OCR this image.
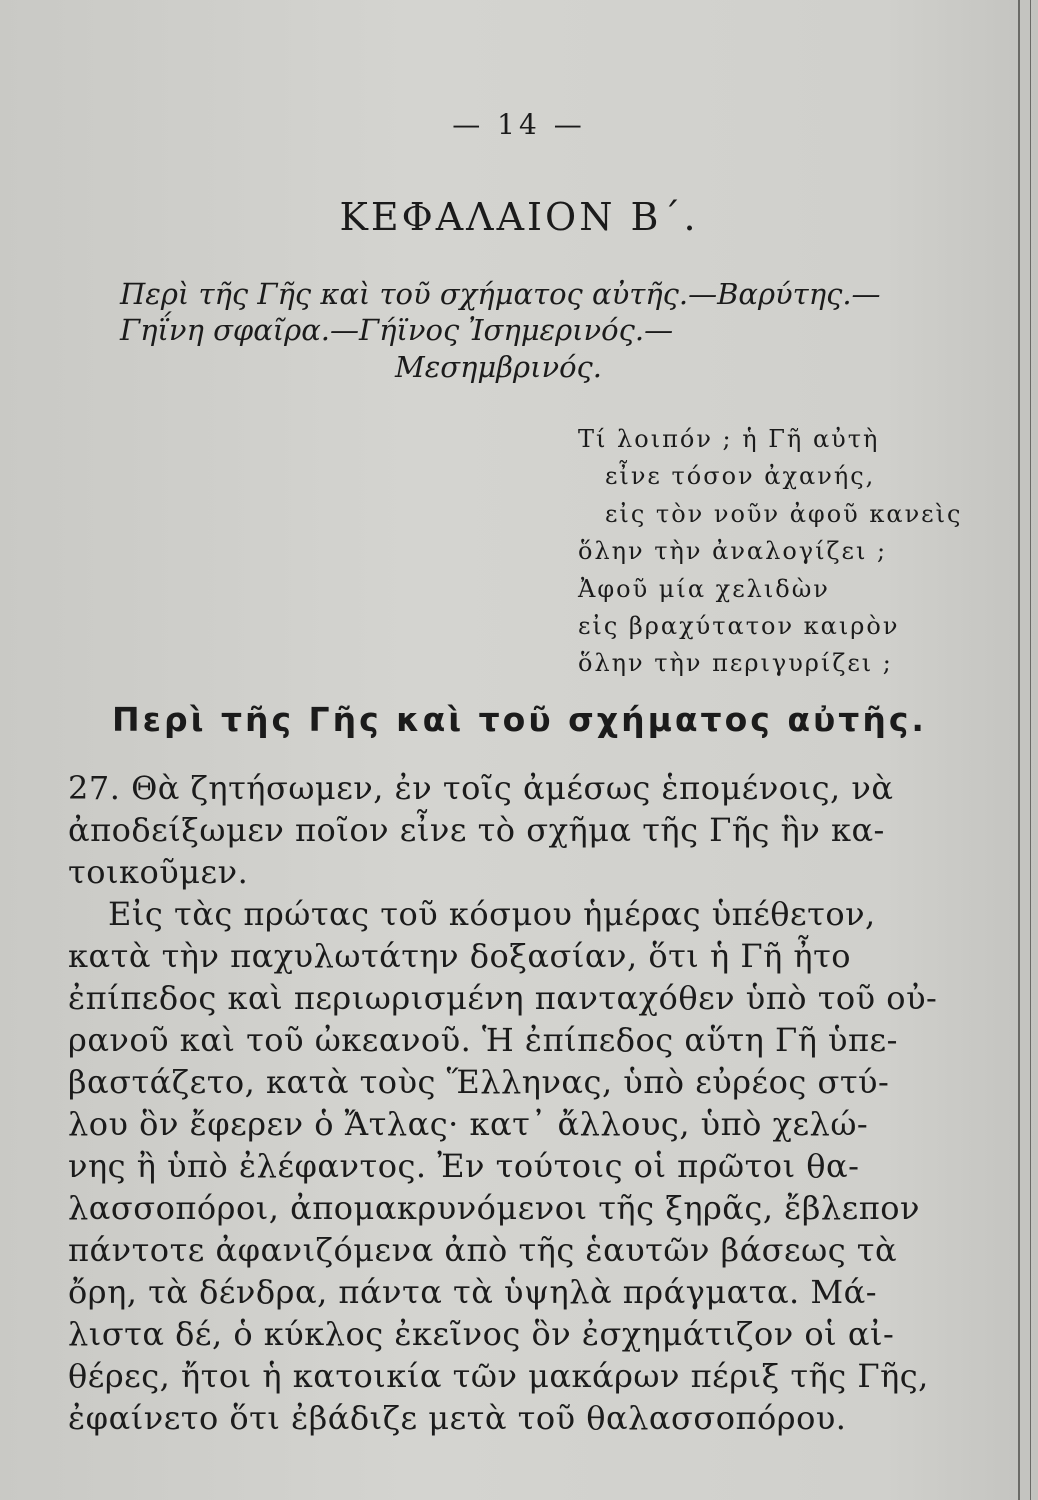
— 14 —
ΚΕΦΑΛΑΙΟΝ Β΄.
Περὶ τῆς Γῆς καὶ τοῦ σχήματος αὐτῆς.—Βαρύτης.—
Γηΐνη σφαῖρα.—Γήϊνος Ἰσημερινός.—
Μεσημβρινός.
Τί λοιπόν ; ἡ Γῆ αὐτὴ
εἶνε τόσον ἀχανής,
εἰς τὸν νοῦν ἀφοῦ κανεὶς
ὅλην τὴν ἀναλογίζει ;
Ἀφοῦ μία χελιδὼν
εἰς βραχύτατον καιρὸν
ὅλην τὴν περιγυρίζει ;
Περὶ τῆς Γῆς καὶ τοῦ σχήματος αὐτῆς.
27. Θὰ ζητήσωμεν, ἐν τοῖς ἀμέσως ἑπομένοις, νὰ
ἀποδείξωμεν ποῖον εἶνε τὸ σχῆμα τῆς Γῆς ἣν κα-
τοικοῦμεν.
Εἰς τὰς πρώτας τοῦ κόσμου ἡμέρας ὑπέθετον,
κατὰ τὴν παχυλωτάτην δοξασίαν, ὅτι ἡ Γῆ ἦτο
ἐπίπεδος καὶ περιωρισμένη πανταχόθεν ὑπὸ τοῦ οὐ-
ρανοῦ καὶ τοῦ ὠκεανοῦ. Ἡ ἐπίπεδος αὕτη Γῆ ὑπε-
βαστάζετο, κατὰ τοὺς Ἕλληνας, ὑπὸ εὐρέος στύ-
λου ὃν ἔφερεν ὁ Ἄτλας· κατ᾽ ἄλλους, ὑπὸ χελώ-
νης ἢ ὑπὸ ἐλέφαντος. Ἐν τούτοις οἱ πρῶτοι θα-
λασσοπόροι, ἀπομακρυνόμενοι τῆς ξηρᾶς, ἔβλεπον
πάντοτε ἀφανιζόμενα ἀπὸ τῆς ἑαυτῶν βάσεως τὰ
ὄρη, τὰ δένδρα, πάντα τὰ ὑψηλὰ πράγματα. Μά-
λιστα δέ, ὁ κύκλος ἐκεῖνος ὃν ἐσχημάτιζον οἱ αἰ-
θέρες, ἤτοι ἡ κατοικία τῶν μακάρων πέριξ τῆς Γῆς,
ἐφαίνετο ὅτι ἐβάδιζε μετὰ τοῦ θαλασσοπόρου.
